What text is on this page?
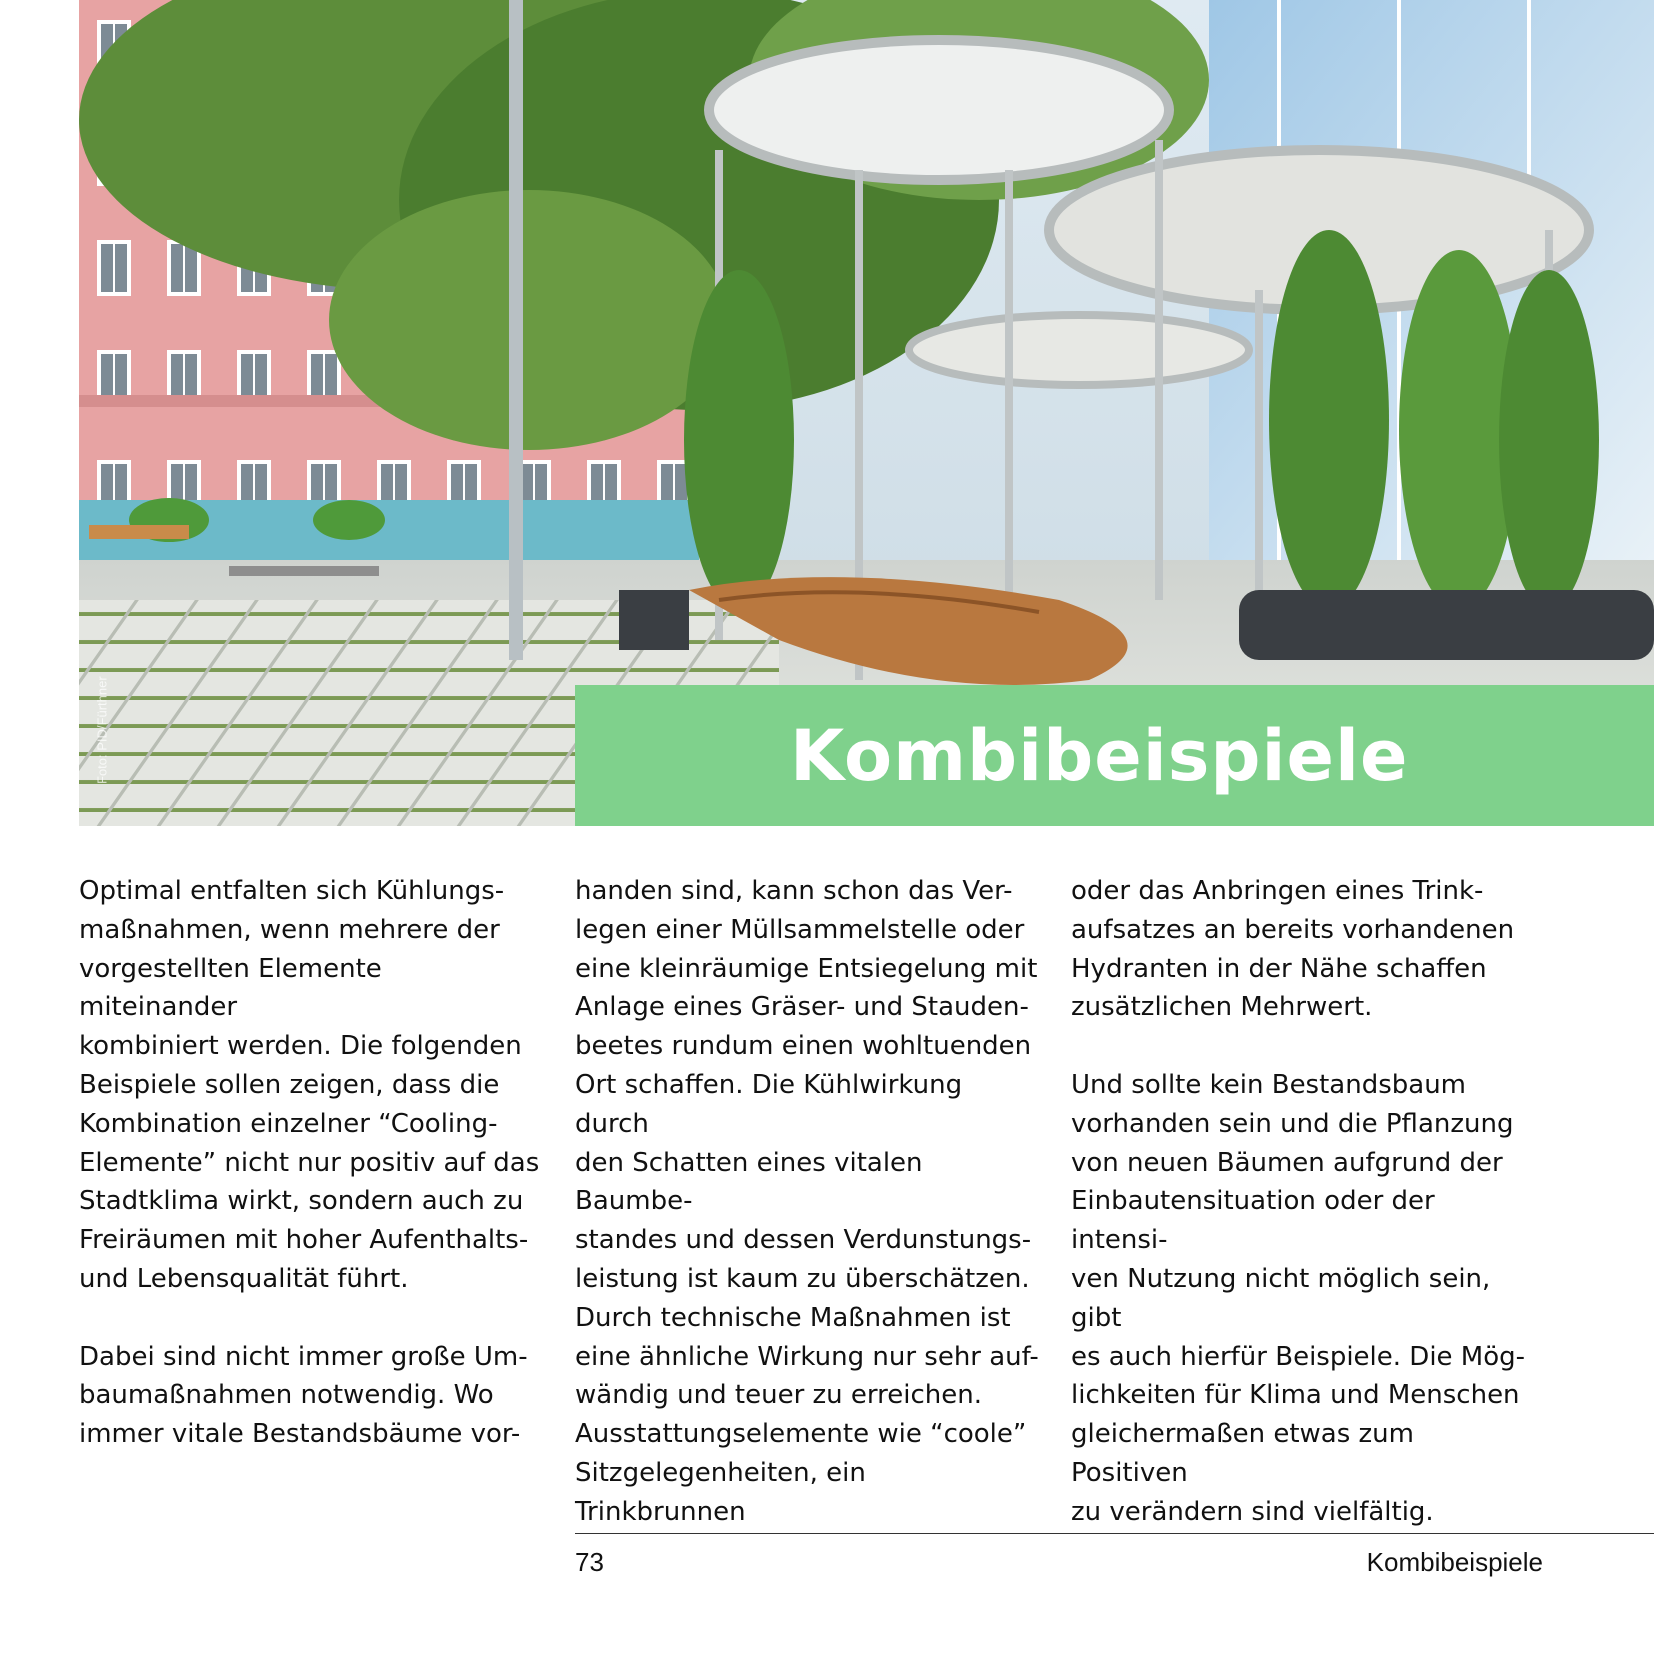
Foto: PID/Fürthner	Kombibeispiele

Optimal entfalten sich Kühlungs-

maßnahmen, wenn mehrere der

vorgestellten Elemente miteinander

kombiniert werden. Die folgenden

Beispiele sollen zeigen, dass die

Kombination einzelner “Cooling-

Elemente” nicht nur positiv auf das

Stadtklima wirkt, sondern auch zu

Freiräumen mit hoher Aufenthalts-

und Lebensqualität führt.

Dabei sind nicht immer große Um-

baumaßnahmen notwendig. Wo

immer vitale Bestandsbäume vor-

handen sind, kann schon das Ver-

legen einer Müllsammelstelle oder

eine kleinräumige Entsiegelung mit

Anlage eines Gräser- und Stauden-

beetes rundum einen wohltuenden

Ort schaffen. Die Kühlwirkung durch

den Schatten eines vitalen Baumbe-

standes und dessen Verdunstungs-

leistung ist kaum zu überschätzen.

Durch technische Maßnahmen ist

eine ähnliche Wirkung nur sehr auf-

wändig und teuer zu erreichen.

Ausstattungselemente wie “coole”

Sitzgelegenheiten, ein Trinkbrunnen

oder das Anbringen eines Trink-

aufsatzes an bereits vorhandenen

Hydranten in der Nähe schaffen

zusätzlichen Mehrwert.

Und sollte kein Bestandsbaum

vorhanden sein und die Pflanzung

von neuen Bäumen aufgrund der

Einbautensituation oder der intensi-

ven Nutzung nicht möglich sein, gibt

es auch hierfür Beispiele. Die Mög-

lichkeiten für Klima und Menschen

gleichermaßen etwas zum Positiven

zu verändern sind vielfältig.

73	Kombibeispiele
